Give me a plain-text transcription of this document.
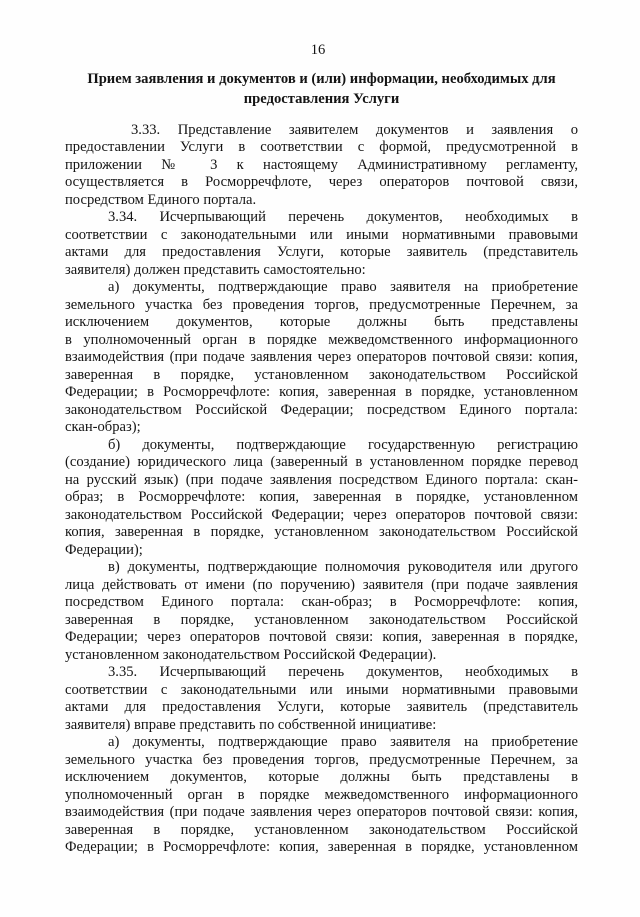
16
Прием заявления и документов и (или) информации, необходимых для
предоставления Услуги
3.33. Представление заявителем документов и заявления о
предоставлении Услуги в соответствии с формой, предусмотренной в
приложении № 3 к настоящему Административному регламенту,
осуществляется в Росморречфлоте, через операторов почтовой связи,
посредством Единого портала.
3.34. Исчерпывающий перечень документов, необходимых в
соответствии с законодательными или иными нормативными правовыми
актами для предоставления Услуги, которые заявитель (представитель
заявителя) должен представить самостоятельно:
а) документы, подтверждающие право заявителя на приобретение
земельного участка без проведения торгов, предусмотренные Перечнем, за
исключением документов, которые должны быть представлены
в уполномоченный орган в порядке межведомственного информационного
взаимодействия (при подаче заявления через операторов почтовой связи: копия,
заверенная в порядке, установленном законодательством Российской
Федерации; в Росморречфлоте: копия, заверенная в порядке, установленном
законодательством Российской Федерации; посредством Единого портала:
скан-образ);
б) документы, подтверждающие государственную регистрацию
(создание) юридического лица (заверенный в установленном порядке перевод
на русский язык) (при подаче заявления посредством Единого портала: скан-
образ; в Росморречфлоте: копия, заверенная в порядке, установленном
законодательством Российской Федерации; через операторов почтовой связи:
копия, заверенная в порядке, установленном законодательством Российской
Федерации);
в) документы, подтверждающие полномочия руководителя или другого
лица действовать от имени (по поручению) заявителя (при подаче заявления
посредством Единого портала: скан-образ; в Росморречфлоте: копия,
заверенная в порядке, установленном законодательством Российской
Федерации; через операторов почтовой связи: копия, заверенная в порядке,
установленном законодательством Российской Федерации).
3.35. Исчерпывающий перечень документов, необходимых в
соответствии с законодательными или иными нормативными правовыми
актами для предоставления Услуги, которые заявитель (представитель
заявителя) вправе представить по собственной инициативе:
а) документы, подтверждающие право заявителя на приобретение
земельного участка без проведения торгов, предусмотренные Перечнем, за
исключением документов, которые должны быть представлены в
уполномоченный орган в порядке межведомственного информационного
взаимодействия (при подаче заявления через операторов почтовой связи: копия,
заверенная в порядке, установленном законодательством Российской
Федерации; в Росморречфлоте: копия, заверенная в порядке, установленном
